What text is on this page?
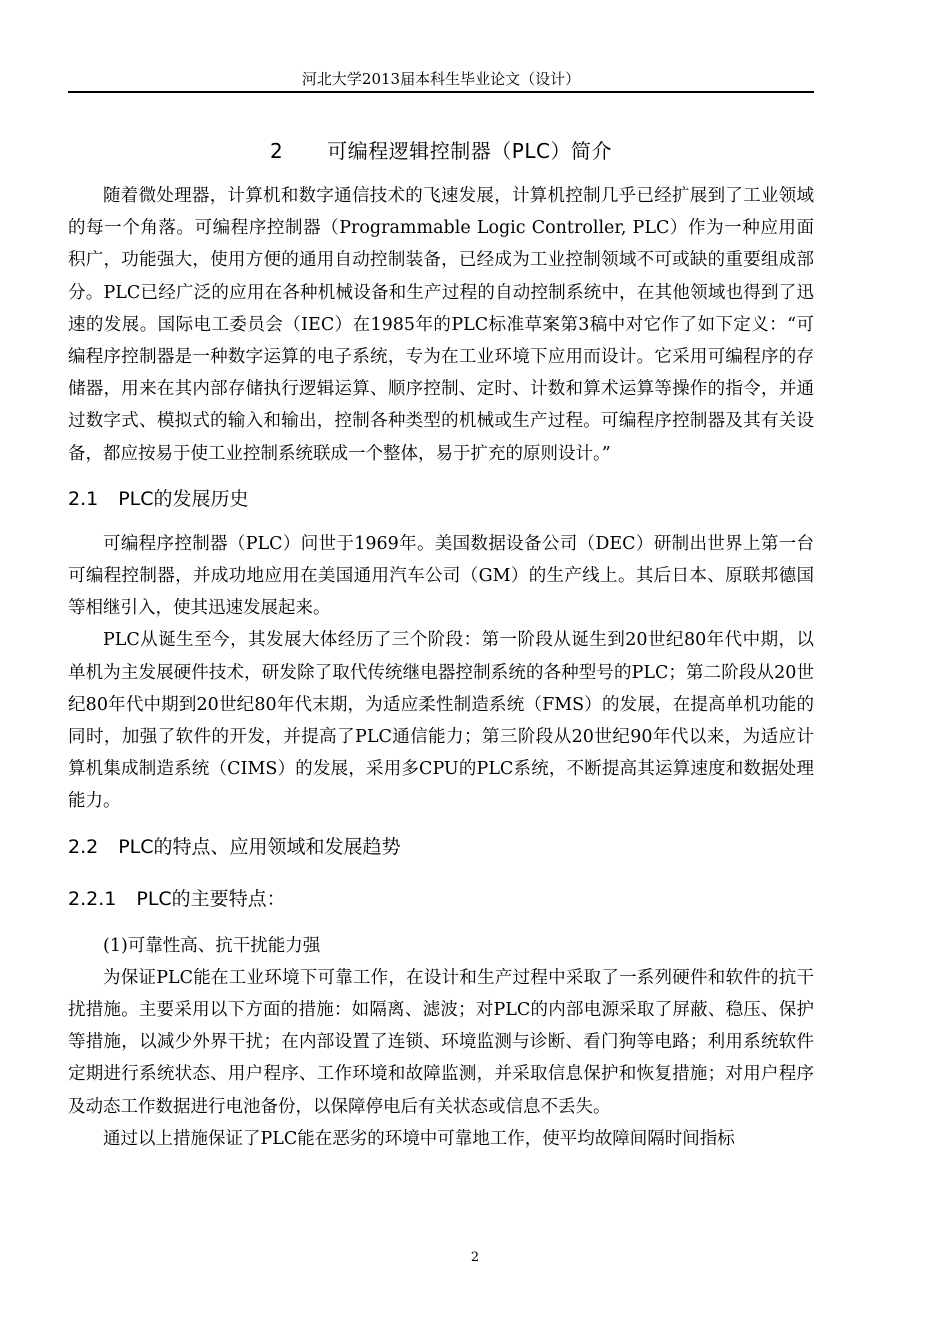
河北大学2013届本科生毕业论文（设计）
2 可编程逻辑控制器（PLC）简介

随着微处理器，计算机和数字通信技术的飞速发展，计算机控制几乎已经扩展到了工业领域的每一个角落。可编程序控制器（Programmable Logic Controller, PLC）作为一种应用面积广，功能强大，使用方便的通用自动控制装备，已经成为工业控制领域不可或缺的重要组成部分。PLC已经广泛的应用在各种机械设备和生产过程的自动控制系统中，在其他领域也得到了迅速的发展。国际电工委员会（IEC）在1985年的PLC标准草案第3稿中对它作了如下定义：“可编程序控制器是一种数字运算的电子系统，专为在工业环境下应用而设计。它采用可编程序的存储器，用来在其内部存储执行逻辑运算、顺序控制、定时、计数和算术运算等操作的指令，并通过数字式、模拟式的输入和输出，控制各种类型的机械或生产过程。可编程序控制器及其有关设备，都应按易于使工业控制系统联成一个整体，易于扩充的原则设计。”

2.1 PLC的发展历史

可编程序控制器（PLC）问世于1969年。美国数据设备公司（DEC）研制出世界上第一台可编程控制器，并成功地应用在美国通用汽车公司（GM）的生产线上。其后日本、原联邦德国等相继引入，使其迅速发展起来。

PLC从诞生至今，其发展大体经历了三个阶段：第一阶段从诞生到20世纪80年代中期，以单机为主发展硬件技术，研发除了取代传统继电器控制系统的各种型号的PLC；第二阶段从20世纪80年代中期到20世纪80年代末期，为适应柔性制造系统（FMS）的发展，在提高单机功能的同时，加强了软件的开发，并提高了PLC通信能力；第三阶段从20世纪90年代以来，为适应计算机集成制造系统（CIMS）的发展，采用多CPU的PLC系统，不断提高其运算速度和数据处理能力。

2.2 PLC的特点、应用领域和发展趋势
2.2.1 PLC的主要特点：

(1)可靠性高、抗干扰能力强

为保证PLC能在工业环境下可靠工作，在设计和生产过程中采取了一系列硬件和软件的抗干扰措施。主要采用以下方面的措施：如隔离、滤波；对PLC的内部电源采取了屏蔽、稳压、保护等措施，以减少外界干扰；在内部设置了连锁、环境监测与诊断、看门狗等电路；利用系统软件定期进行系统状态、用户程序、工作环境和故障监测，并采取信息保护和恢复措施；对用户程序及动态工作数据进行电池备份，以保障停电后有关状态或信息不丢失。

通过以上措施保证了PLC能在恶劣的环境中可靠地工作，使平均故障间隔时间指标

2
